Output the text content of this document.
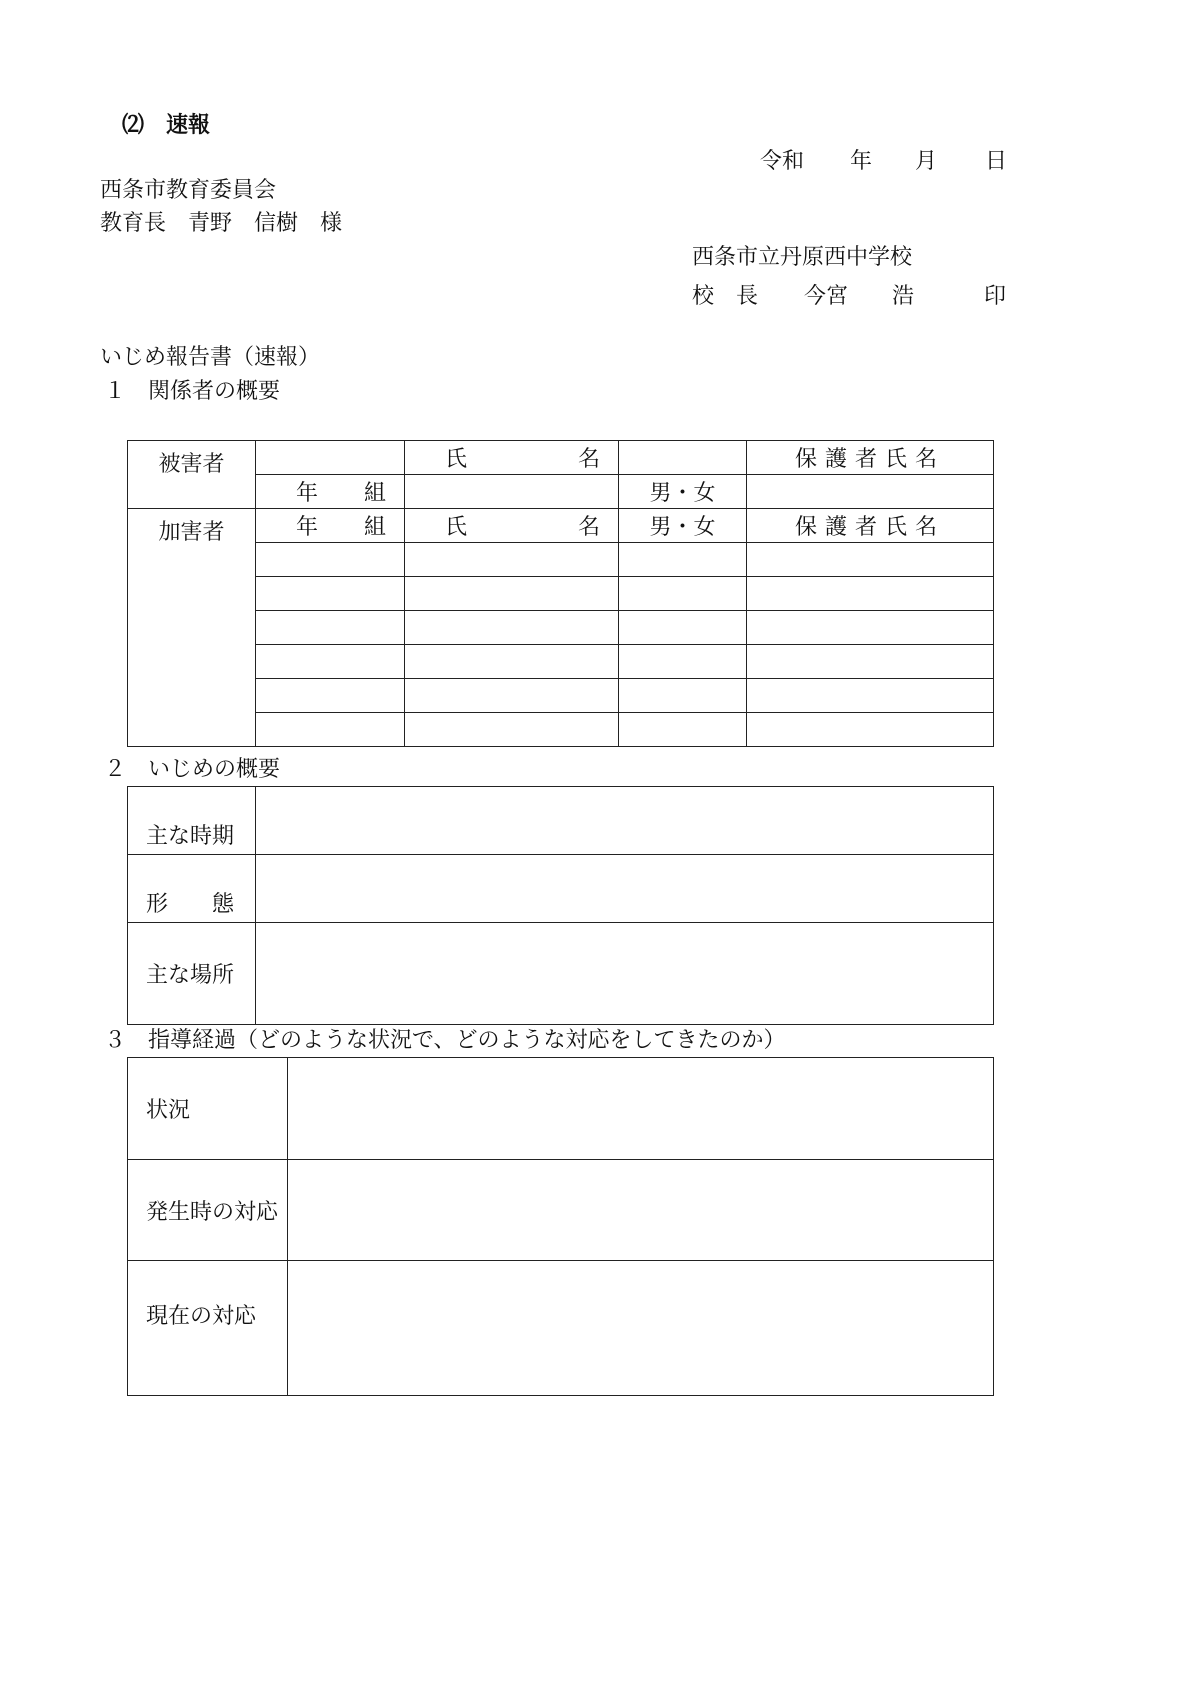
⑵　速報
令和 年 月 日
西条市教育委員会
教育長　青野　信樹　様
西条市立丹原西中学校
校　長 今宮　　浩	印
いじめ報告書（速報）
１　関係者の概要
被害者		氏 名		保護者氏名

	年 組		男・女	
加害者	年 組	氏 名	男・女	保護者氏名

２　いじめの概要
主な時期	
形　　態	
主な場所	
３　指導経過（どのような状況で、どのような対応をしてきたのか）
状況	
発生時の対応	
現在の対応	
